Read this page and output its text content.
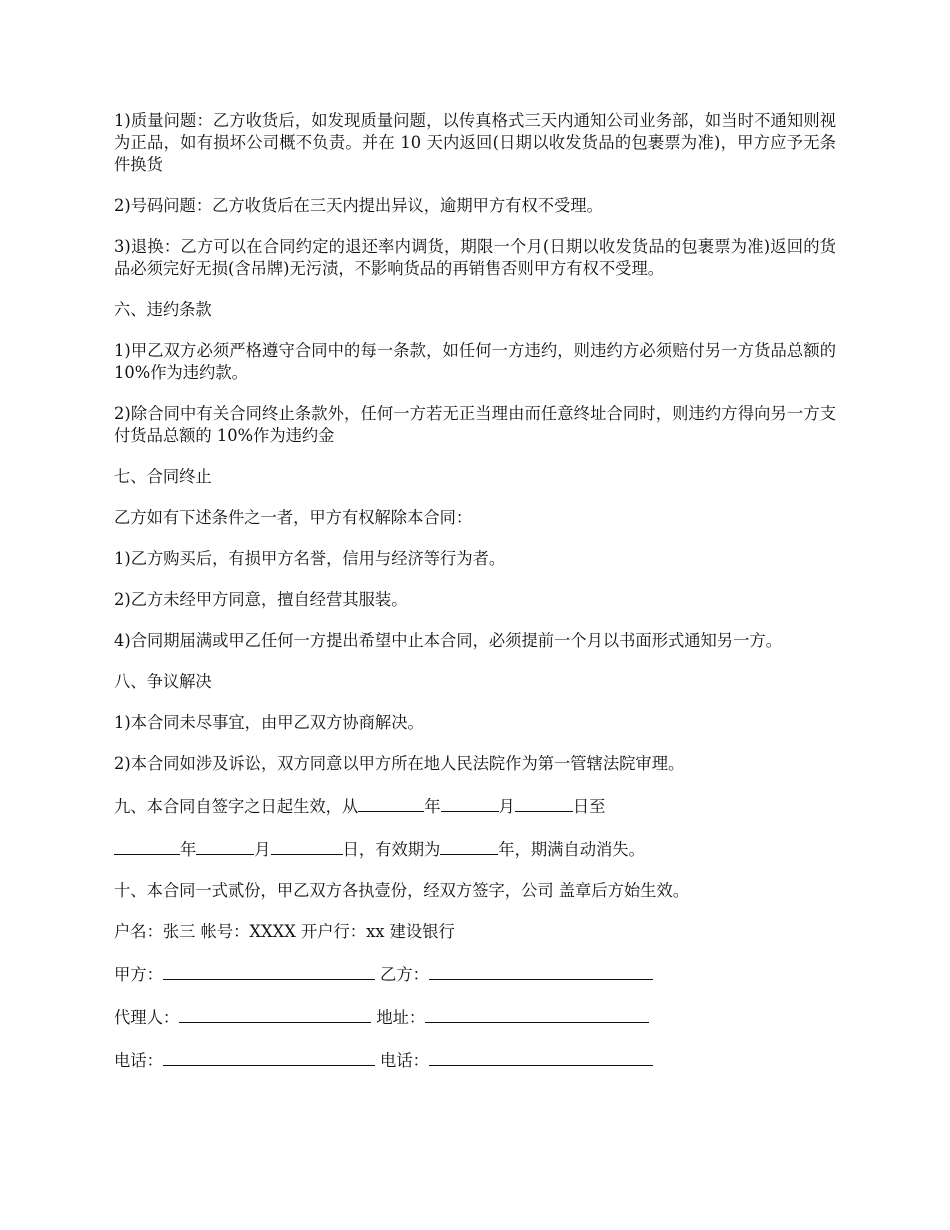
1)质量问题：乙方收货后，如发现质量问题，以传真格式三天内通知公司业务部，如当时不通知则视为正品，如有损坏公司概不负责。并在 10 天内返回(日期以收发货品的包裹票为准)，甲方应予无条件换货

2)号码问题：乙方收货后在三天内提出异议，逾期甲方有权不受理。

3)退换：乙方可以在合同约定的退还率内调货，期限一个月(日期以收发货品的包裹票为准)返回的货品必须完好无损(含吊牌)无污渍，不影响货品的再销售否则甲方有权不受理。

六、违约条款

1)甲乙双方必须严格遵守合同中的每一条款，如任何一方违约，则违约方必须赔付另一方货品总额的 10%作为违约款。

2)除合同中有关合同终止条款外，任何一方若无正当理由而任意终址合同时，则违约方得向另一方支付货品总额的 10%作为违约金

七、合同终止

乙方如有下述条件之一者，甲方有权解除本合同：

1)乙方购买后，有损甲方名誉，信用与经济等行为者。

2)乙方未经甲方同意，擅自经营其服装。

4)合同期届满或甲乙任何一方提出希望中止本合同，必须提前一个月以书面形式通知另一方。

八、争议解决

1)本合同未尽事宜，由甲乙双方协商解决。

2)本合同如涉及诉讼，双方同意以甲方所在地人民法院作为第一管辖法院审理。

九、本合同自签字之日起生效，从	年	月	日至

年	月	日，有效期为	年，期满自动消失。

十、本合同一式贰份，甲乙双方各执壹份，经双方签字，公司 盖章后方始生效。

户名：张三 帐号：XXXX 开户行：xx 建设银行

甲方：	乙方：

代理人：	地址：

电话：	电话：
